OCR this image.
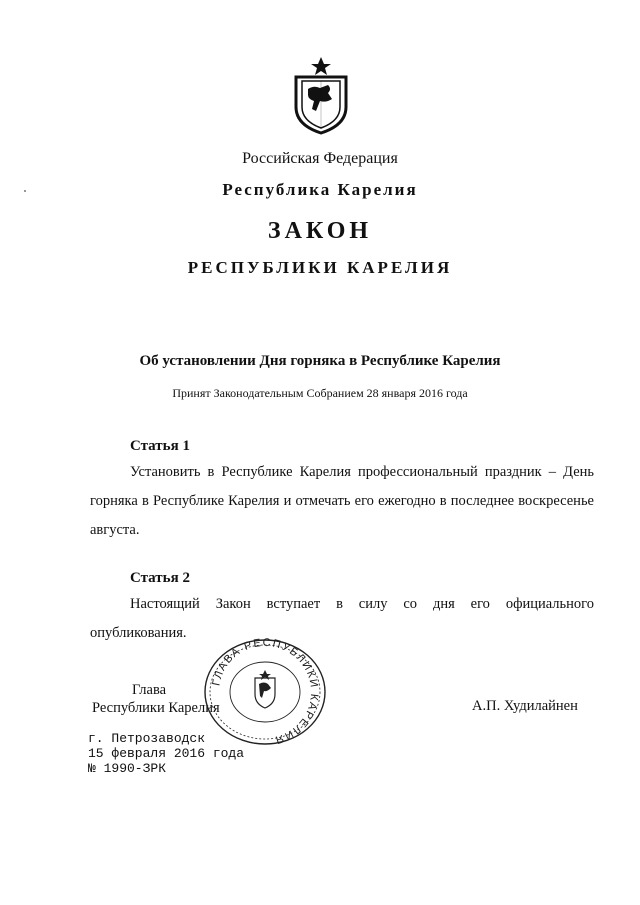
Российская Федерация
Республика Карелия
ЗАКОН
РЕСПУБЛИКИ КАРЕЛИЯ
Об установлении Дня горняка в Республике Карелия
Принят Законодательным Собранием 28 января 2016 года
Статья 1
Установить в Республике Карелия профессиональный праздник – День горняка в Республике Карелия и отмечать его ежегодно в последнее воскресенье августа.
Статья 2
Настоящий Закон вступает в силу со дня его официального опубликования.
Глава
Республики Карелия	А.П. Худилайнен
ГЛАВА РЕСПУБЛИКИ КАРЕЛИЯ
г. Петрозаводск
15 февраля 2016 года
№ 1990-ЗРК
